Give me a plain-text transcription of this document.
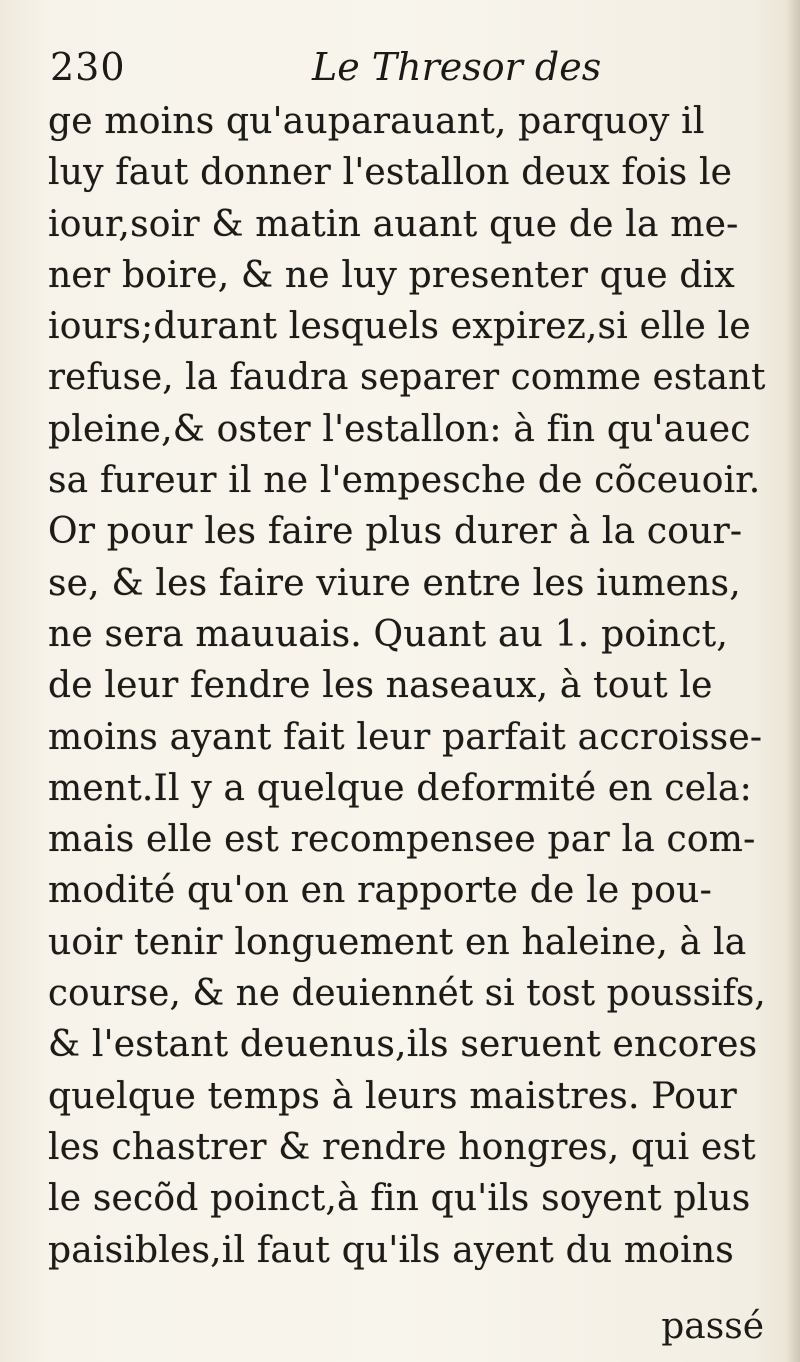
230	Le Thresor des
ge moins qu'auparauant, parquoy il
luy faut donner l'estallon deux fois le
iour,soir & matin auant que de la me-
ner boire, & ne luy presenter que dix
iours;durant lesquels expirez,si elle le
refuse, la faudra separer comme estant
pleine,& oster l'estallon: à fin qu'auec
sa fureur il ne l'empesche de cõceuoir.
Or pour les faire plus durer à la cour-
se, & les faire viure entre les iumens,
ne sera mauuais. Quant au 1. poinct,
de leur fendre les naseaux, à tout le
moins ayant fait leur parfait accroisse-
ment.Il y a quelque deformité en cela:
mais elle est recompensee par la com-
modité qu'on en rapporte de le pou-
uoir tenir longuement en haleine, à la
course, & ne deuiennét si tost poussifs,
& l'estant deuenus,ils seruent encores
quelque temps à leurs maistres. Pour
les chastrer & rendre hongres, qui est
le secõd poinct,à fin qu'ils soyent plus
paisibles,il faut qu'ils ayent du moins
passé
